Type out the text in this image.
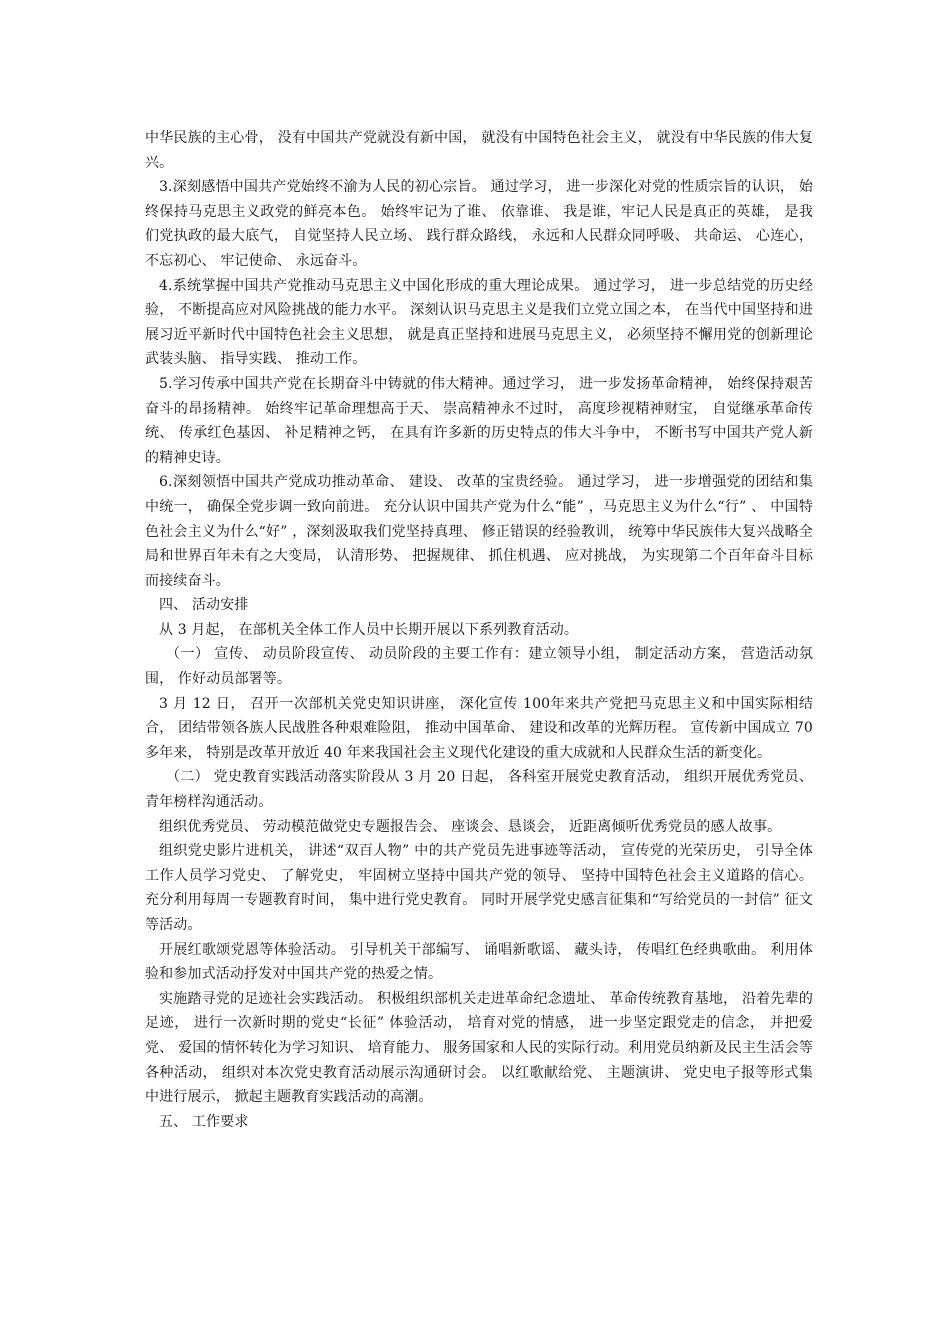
中华民族的主心骨， 没有中国共产党就没有新中国， 就没有中国特色社会主义， 就没有中华民族的伟大复兴。

3.深刻感悟中国共产党始终不渝为人民的初心宗旨。 通过学习， 进一步深化对党的性质宗旨的认识， 始终保持马克思主义政党的鲜亮本色。 始终牢记为了谁、 依靠谁、 我是谁，牢记人民是真正的英雄， 是我们党执政的最大底气， 自觉坚持人民立场、 践行群众路线， 永远和人民群众同呼吸、 共命运、 心连心， 不忘初心、 牢记使命、 永远奋斗。

4.系统掌握中国共产党推动马克思主义中国化形成的重大理论成果。 通过学习， 进一步总结党的历史经验， 不断提高应对风险挑战的能力水平。 深刻认识马克思主义是我们立党立国之本， 在当代中国坚持和进展习近平新时代中国特色社会主义思想， 就是真正坚持和进展马克思主义， 必须坚持不懈用党的创新理论武装头脑、 指导实践、 推动工作。

5.学习传承中国共产党在长期奋斗中铸就的伟大精神。通过学习， 进一步发扬革命精神， 始终保持艰苦奋斗的昂扬精神。 始终牢记革命理想高于天、 崇高精神永不过时， 高度珍视精神财宝， 自觉继承革命传统、 传承红色基因、 补足精神之钙， 在具有许多新的历史特点的伟大斗争中， 不断书写中国共产党人新的精神史诗。

6.深刻领悟中国共产党成功推动革命、 建设、 改革的宝贵经验。 通过学习， 进一步增强党的团结和集中统一， 确保全党步调一致向前进。 充分认识中国共产党为什么“能” ，马克思主义为什么“行” 、 中国特色社会主义为什么“好” ，深刻汲取我们党坚持真理、 修正错误的经验教训， 统筹中华民族伟大复兴战略全局和世界百年未有之大变局， 认清形势、 把握规律、 抓住机遇、 应对挑战， 为实现第二个百年奋斗目标而接续奋斗。

四、 活动安排

从 3 月起， 在部机关全体工作人员中长期开展以下系列教育活动。

（一） 宣传、 动员阶段宣传、 动员阶段的主要工作有：建立领导小组， 制定活动方案， 营造活动氛围， 作好动员部署等。

3 月 12 日， 召开一次部机关党史知识讲座， 深化宣传 100年来共产党把马克思主义和中国实际相结合， 团结带领各族人民战胜各种艰难险阻， 推动中国革命、 建设和改革的光辉历程。 宣传新中国成立 70 多年来， 特别是改革开放近 40 年来我国社会主义现代化建设的重大成就和人民群众生活的新变化。

（二） 党史教育实践活动落实阶段从 3 月 20 日起， 各科室开展党史教育活动， 组织开展优秀党员、 青年榜样沟通活动。

组织优秀党员、 劳动模范做党史专题报告会、 座谈会、恳谈会， 近距离倾听优秀党员的感人故事。

组织党史影片进机关， 讲述“双百人物” 中的共产党员先进事迹等活动， 宣传党的光荣历史， 引导全体工作人员学习党史、 了解党史， 牢固树立坚持中国共产党的领导、 坚持中国特色社会主义道路的信心。 充分利用每周一专题教育时间， 集中进行党史教育。 同时开展学党史感言征集和“写给党员的一封信” 征文等活动。

开展红歌颂党恩等体验活动。 引导机关干部编写、 诵唱新歌谣、 藏头诗， 传唱红色经典歌曲。 利用体验和参加式活动抒发对中国共产党的热爱之情。

实施踏寻党的足迹社会实践活动。 积极组织部机关走进革命纪念遗址、 革命传统教育基地， 沿着先辈的足迹， 进行一次新时期的党史“长征” 体验活动， 培育对党的情感， 进一步坚定跟党走的信念， 并把爱党、 爱国的情怀转化为学习知识、 培育能力、 服务国家和人民的实际行动。利用党员纳新及民主生活会等各种活动， 组织对本次党史教育活动展示沟通研讨会。 以红歌献给党、 主题演讲、 党史电子报等形式集中进行展示， 掀起主题教育实践活动的高潮。

五、 工作要求
